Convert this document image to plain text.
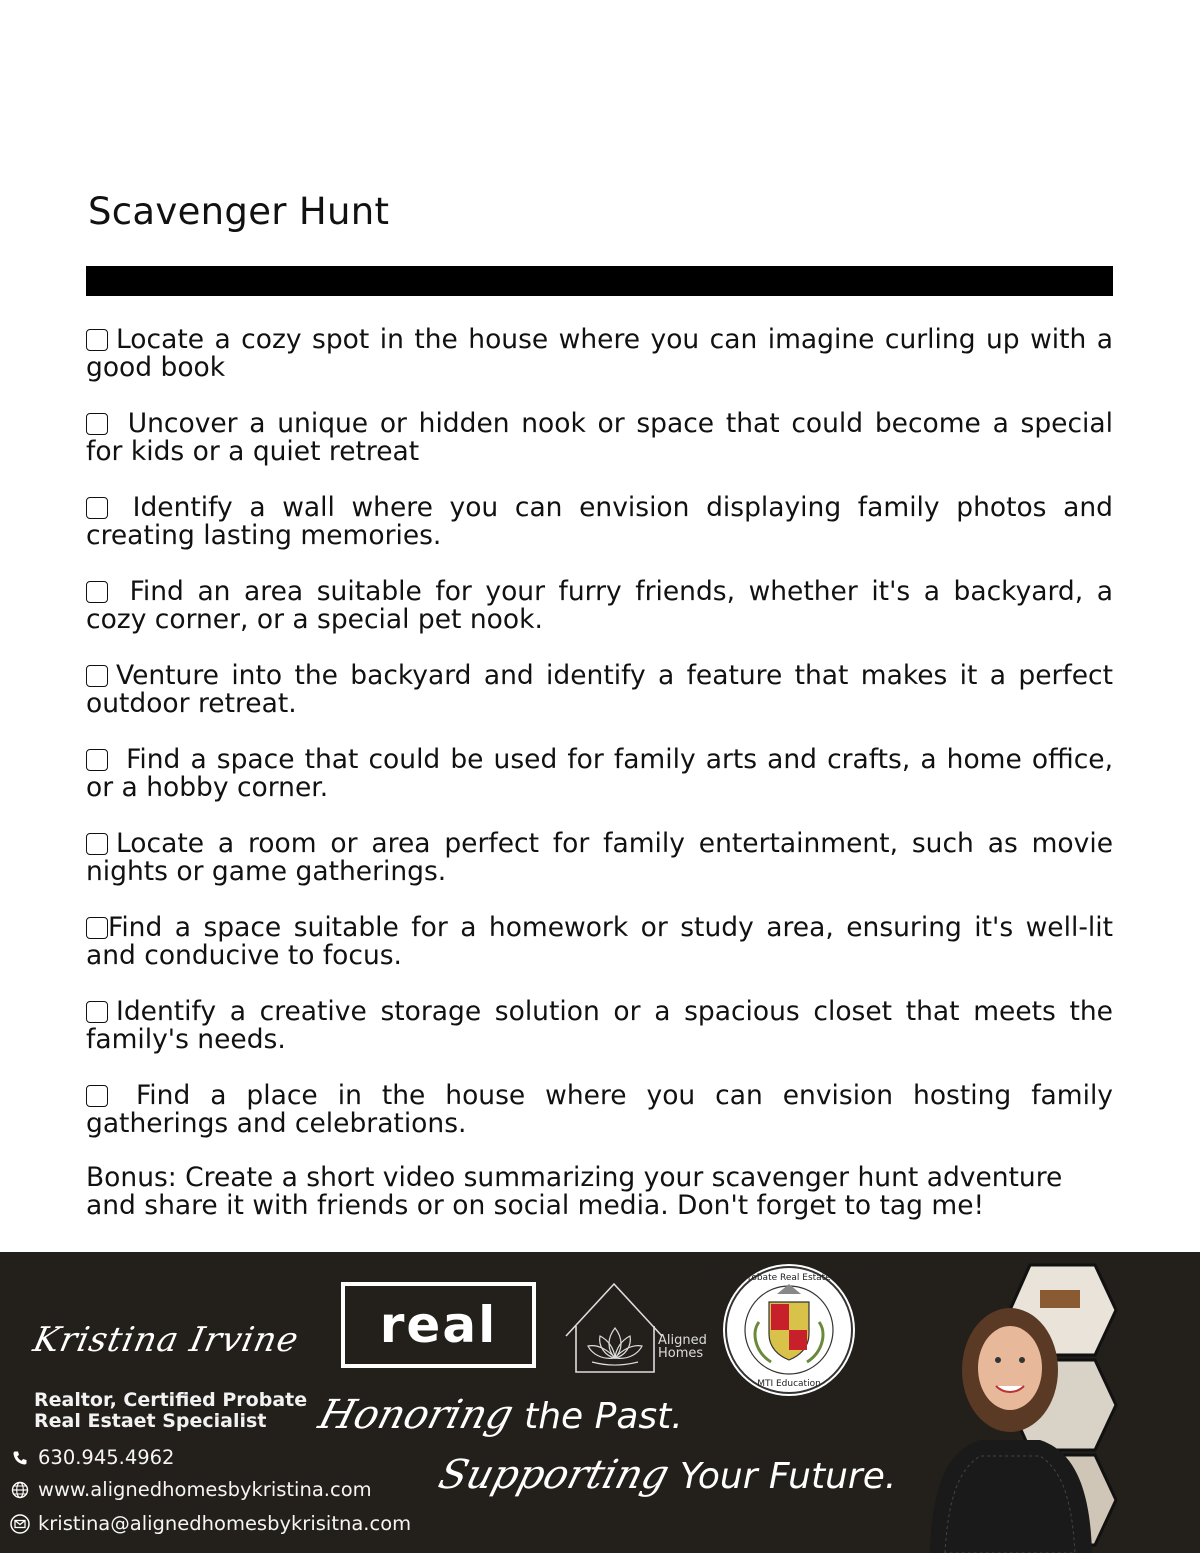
Scavenger Hunt
Locate a cozy spot in the house where you can imagine curling up with a good book
Uncover a unique or hidden nook or space that could become a special for kids or a quiet retreat
Identify a wall where you can envision displaying family photos and creating lasting memories.
Find an area suitable for your furry friends, whether it's a backyard, a cozy corner, or a special pet nook.
Venture into the backyard and identify a feature that makes it a perfect outdoor retreat.
Find a space that could be used for family arts and crafts, a home office, or a hobby corner.
Locate a room or area perfect for family entertainment, such as movie nights or game gatherings.
Find a space suitable for a homework or study area, ensuring it's well-lit and conducive to focus.
Identify a creative storage solution or a spacious closet that meets the family's needs.
Find a place in the house where you can envision hosting family gatherings and celebrations.

Bonus: Create a short video summarizing your scavenger hunt adventure and share it with friends or on social media. Don't forget to tag me!

Kristina Irvine
Realtor, Certified Probate Real Estaet Specialist
630.945.4962
www.alignedhomesbykristina.com
kristina@alignedhomesbykrisitna.com
real	Aligned Homes
Certified Probate Real Estate Specialist
MTI Education
Honoring the Past.
Supporting Your Future.
